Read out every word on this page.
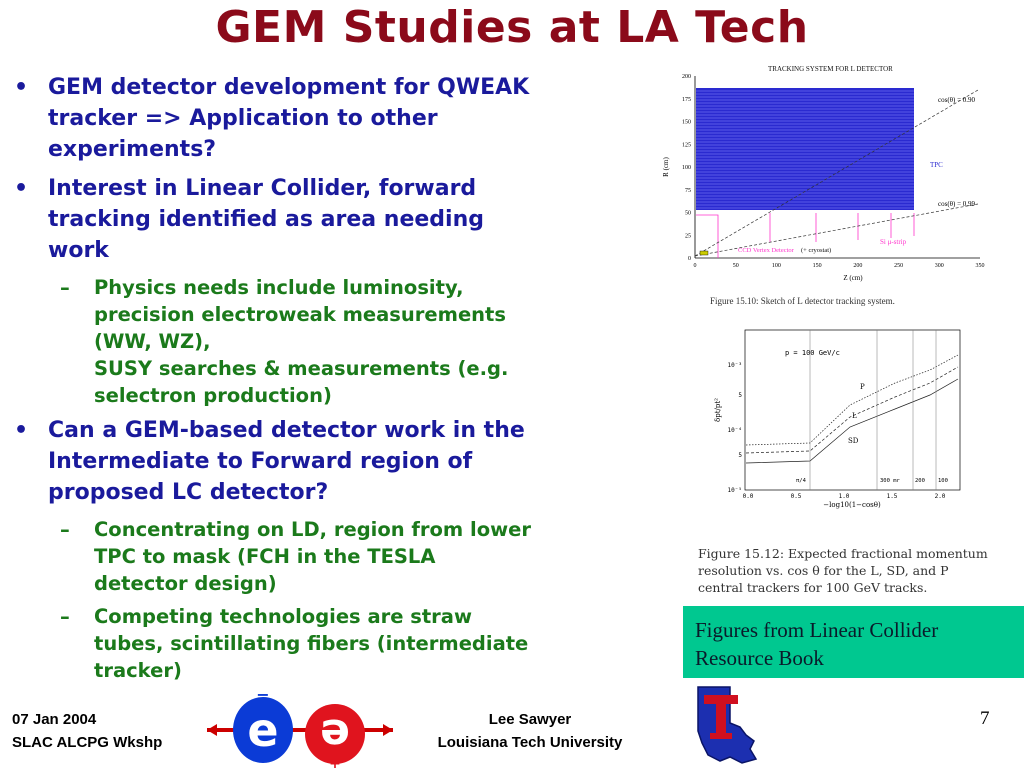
GEM Studies at LA Tech
• GEM detector development for QWEAK tracker => Application to other experiments?
• Interest in Linear Collider, forward tracking identified as area needing work
– Physics needs include luminosity, precision electroweak measurements (WW, WZ),
SUSY searches & measurements (e.g. selectron production)
• Can a GEM-based detector work in the Intermediate to Forward region of proposed LC detector?
– Concentrating on LD, region from lower TPC to mask (FCH in the TESLA detector design)
– Competing technologies are straw tubes, scintillating fibers (intermediate tracker)
TRACKING SYSTEM FOR L DETECTOR
R (cm)
Z (cm)
0
25
50
75
100
125
150
175
200
0	50	100	150	200	250	300	350
cos(θ) = 0.90
cos(θ) = 0.99
TPC
Si μ-strip
CCD Vertex Detector (+ cryostat)
Figure 15.10: Sketch of L detector tracking system.
10⁻³
5
10⁻⁴
5
10⁻⁵
0.0	0.5	1.0	1.5	2.0
δpt/pt²
−log10(1−cosθ)
p = 100 GeV/c
P
L
SD
π/4	300 mr	200 100
Figure 15.12: Expected fractional momentum resolution vs. cos θ for the L, SD, and P central trackers for 100 GeV tracks.
Figures from Linear Collider Resource Book
07 Jan 2004
SLAC ALCPG Wkshp e e
−
+
Lee Sawyer
Louisiana Tech University
7
